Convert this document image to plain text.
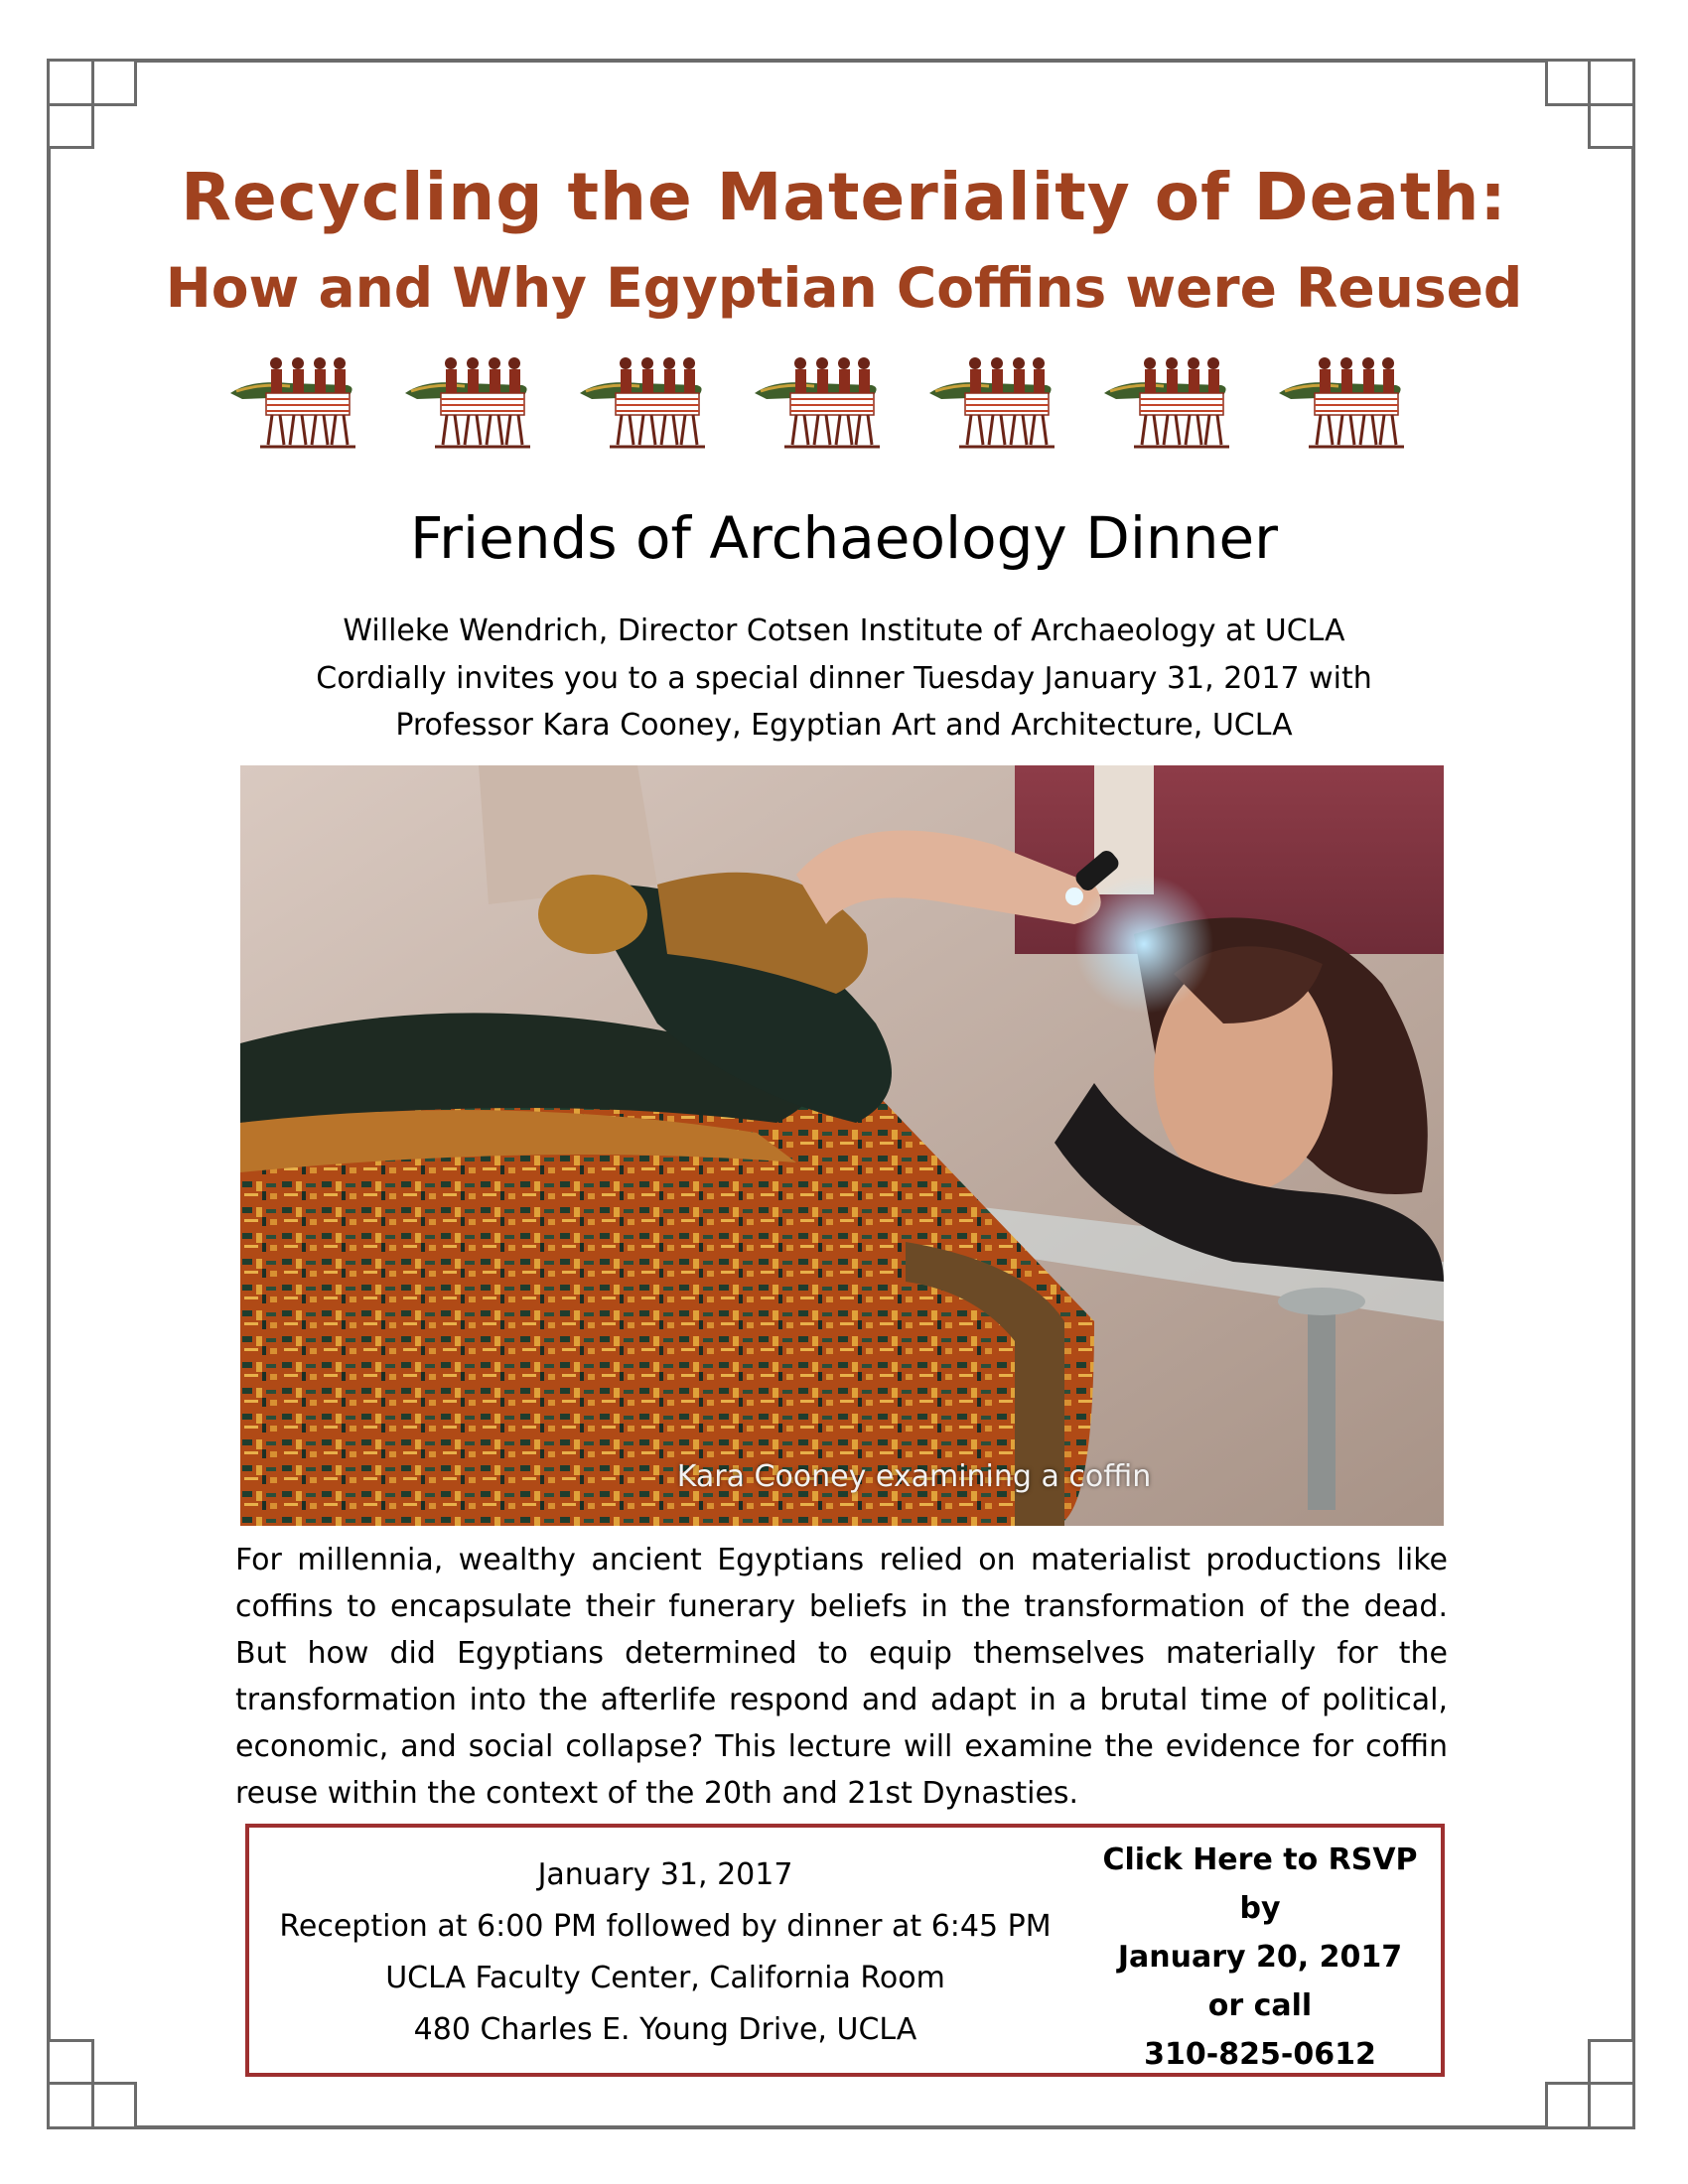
Recycling the Materiality of Death:
How and Why Egyptian Coffins were Reused
Friends of Archaeology Dinner
Willeke Wendrich, Director Cotsen Institute of Archaeology at UCLA
Cordially invites you to a special dinner Tuesday January 31, 2017 with
Professor Kara Cooney, Egyptian Art and Architecture, UCLA
Kara Cooney examining a coffin

For millennia, wealthy ancient Egyptians relied on materialist productions like coffins to encapsulate their funerary beliefs in the transformation of the dead. But how did Egyptians determined to equip themselves materially for the transformation into the afterlife respond and adapt in a brutal time of political, economic, and social collapse? This lecture will examine the evidence for coffin reuse within the context of the 20th and 21st Dynasties.

January 31, 2017
Reception at 6:00 PM followed by dinner at 6:45 PM
UCLA Faculty Center, California Room
480 Charles E. Young Drive, UCLA
Click Here to RSVP
by
January 20, 2017
or call
310-825-0612
